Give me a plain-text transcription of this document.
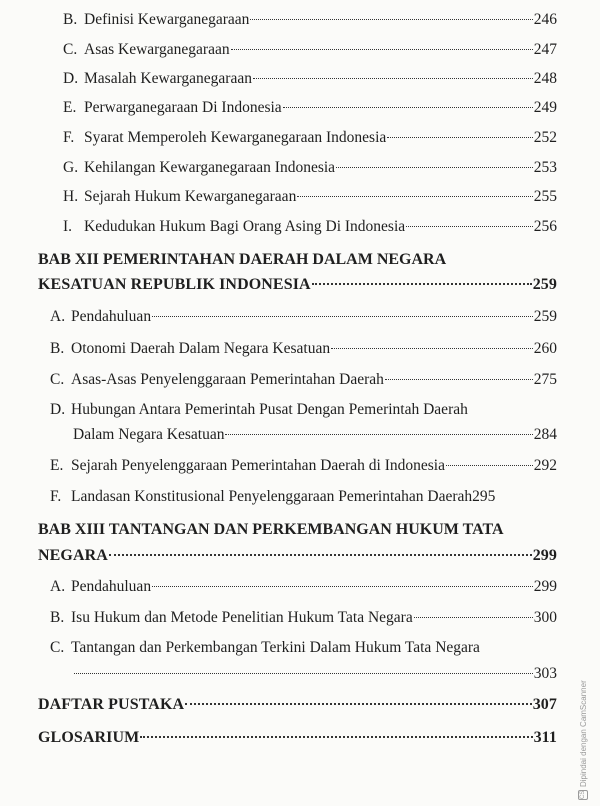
B. Definisi Kewarganegaraan	246
C. Asas Kewarganegaraan	247
D. Masalah Kewarganegaraan	248
E. Perwarganegaraan Di Indonesia	249
F. Syarat Memperoleh Kewarganegaraan Indonesia	252
G. Kehilangan Kewarganegaraan Indonesia	253
H. Sejarah Hukum Kewarganegaraan	255
I. Kedudukan Hukum Bagi Orang Asing Di Indonesia	256
BAB XII PEMERINTAHAN DAERAH DALAM NEGARA
KESATUAN REPUBLIK INDONESIA	259
A. Pendahuluan	259
B. Otonomi Daerah Dalam Negara Kesatuan	260
C. Asas-Asas Penyelenggaraan Pemerintahan Daerah	275
D. Hubungan Antara Pemerintah Pusat Dengan Pemerintah Daerah
Dalam Negara Kesatuan	284
E. Sejarah Penyelenggaraan Pemerintahan Daerah di Indonesia	292
F. Landasan Konstitusional Penyelenggaraan Pemerintahan Daerah295
BAB XIII TANTANGAN DAN PERKEMBANGAN HUKUM TATA
NEGARA	299
A. Pendahuluan	299
B. Isu Hukum dan Metode Penelitian Hukum Tata Negara	300
C. Tantangan dan Perkembangan Terkini Dalam Hukum Tata Negara
303
DAFTAR PUSTAKA	307
GLOSARIUM	311
CS
Dipindai dengan CamScanner
